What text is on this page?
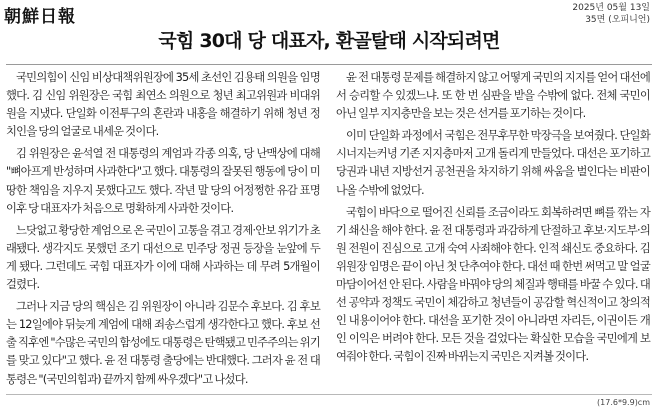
朝鮮日報	2025년 05월 13일
35면 (오피니언)
국힘 30대 당 대표자, 환골탈태 시작되려면

국민의힘이 신임 비상대책위원장에 35세 초선인 김용태 의원을 임명했다. 김 신임 위원장은 국힘 최연소 의원으로 청년 최고위원과 비대위원을 지냈다. 단일화 이전투구의 혼란과 내홍을 해결하기 위해 청년 정치인을 당의 얼굴로 내세운 것이다.

김 위원장은 윤석열 전 대통령의 계엄과 각종 의혹, 당 난맥상에 대해 "뼈아프게 반성하며 사과한다"고 했다. 대통령의 잘못된 행동에 당이 미땅한 책임을 지우지 못했다고도 했다. 작년 말 당의 어정쩡한 유감 표명 이후 당 대표자가 처음으로 명확하게 사과한 것이다.

느닷없고 황당한 계엄으로 온 국민이 고통을 겪고 경제·안보 위기가 초래됐다. 생각지도 못했던 조기 대선으로 민주당 정권 등장을 눈앞에 두게 됐다. 그런데도 국힘 대표자가 이에 대해 사과하는 데 무려 5개월이 걸렸다.

그러나 지금 당의 핵심은 김 위원장이 아니라 김문수 후보다. 김 후보는 12일에야 뒤늦게 계엄에 대해 죄송스럽게 생각한다고 했다. 후보 선출 직후엔 "수많은 국민의 함성에도 대통령은 탄핵됐고 민주주의는 위기를 맞고 있다"고 했다. 윤 전 대통령 출당에는 반대했다. 그러자 윤 전 대통령은 "(국민의힘과) 끝까지 함께 싸우겠다"고 나섰다.

윤 전 대통령 문제를 해결하지 않고 어떻게 국민의 지지를 얻어 대선에서 승리할 수 있겠느냐. 또 한 번 심판을 받을 수밖에 없다. 전체 국민이 아닌 일부 지지층만을 보는 것은 선거를 포기하는 것이다.

이미 단일화 과정에서 국힘은 전무후무한 막장극을 보여줬다. 단일화 시너지는커녕 기존 지지층마저 고개 돌리게 만들었다. 대선은 포기하고 당권과 내년 지방선거 공천권을 차지하기 위해 싸움을 벌인다는 비판이 나올 수밖에 없었다.

국힘이 바닥으로 떨어진 신뢰를 조금이라도 회복하려면 뼈를 깎는 자기 쇄신을 해야 한다. 윤 전 대통령과 과감하게 단절하고 후보·지도부·의원 전원이 진심으로 고개 숙여 사죄해야 한다. 인적 쇄신도 중요하다. 김 위원장 임명은 끝이 아닌 첫 단추여야 한다. 대선 때 한번 써먹고 말 얼굴마담이어선 안 된다. 사람을 바꿔야 당의 체질과 행태를 바꿀 수 있다. 대선 공약과 정책도 국민이 체감하고 청년들이 공감할 혁신적이고 창의적인 내용이어야 한다. 대선을 포기한 것이 아니라면 자리든, 이권이든 개인 이익은 버려야 한다. 모든 것을 걸었다는 확실한 모습을 국민에게 보여줘야 한다. 국힘이 진짜 바뀌는지 국민은 지켜볼 것이다.

(17.6*9.9)cm
